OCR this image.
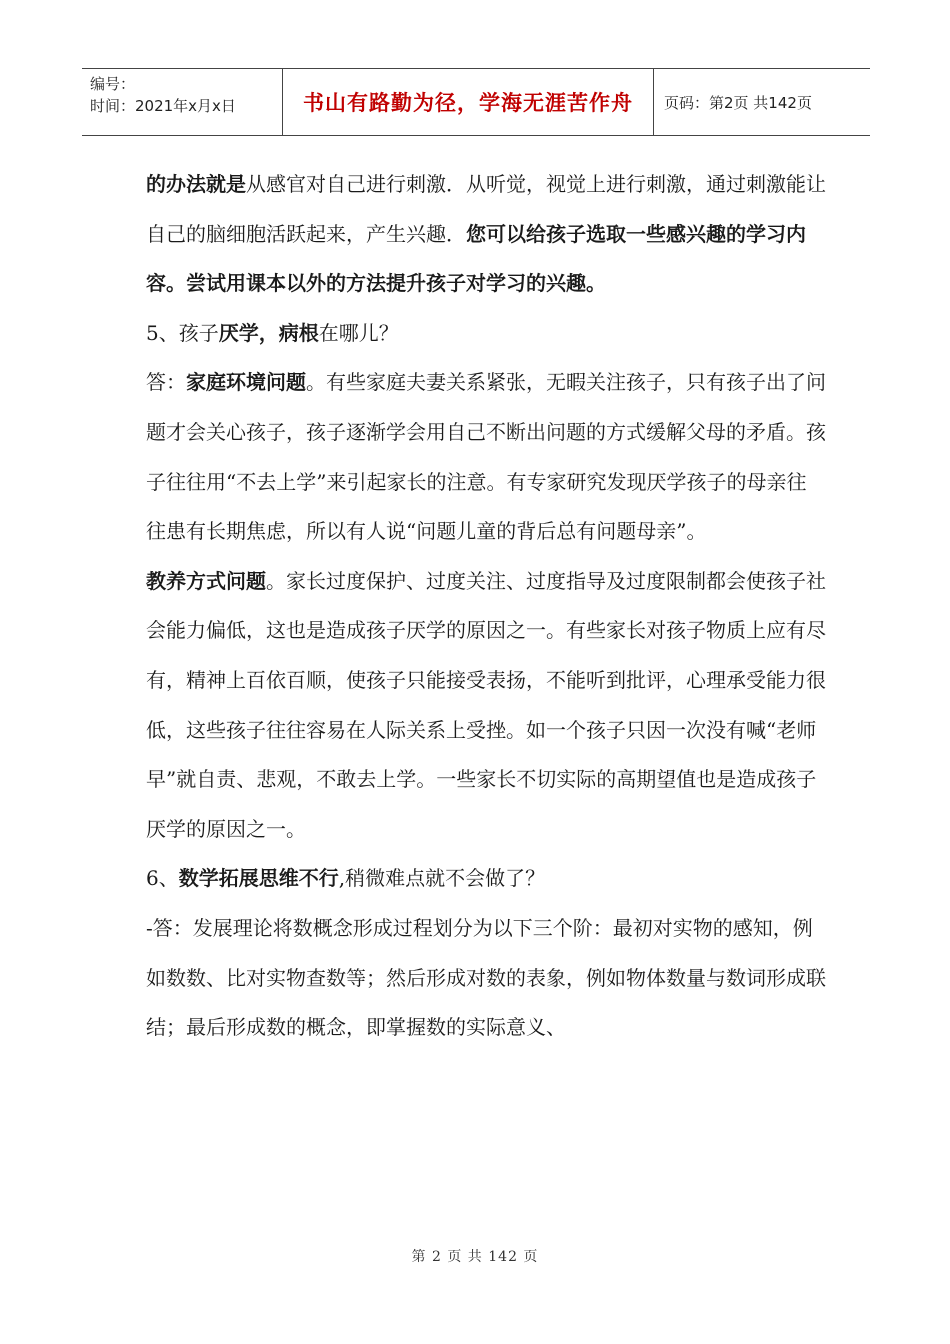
编号：
时间：2021年x月x日	书山有路勤为径，学海无涯苦作舟	页码：第2页 共142页

的办法就是从感官对自己进行刺激．从听觉，视觉上进行刺激，通过刺激能让自己的脑细胞活跃起来，产生兴趣．您可以给孩子选取一些感兴趣的学习内容。尝试用课本以外的方法提升孩子对学习的兴趣。

5、孩子厌学，病根在哪儿？

答：家庭环境问题。有些家庭夫妻关系紧张，无暇关注孩子，只有孩子出了问题才会关心孩子，孩子逐渐学会用自己不断出问题的方式缓解父母的矛盾。孩子往往用“不去上学”来引起家长的注意。有专家研究发现厌学孩子的母亲往往患有长期焦虑，所以有人说“问题儿童的背后总有问题母亲”。

教养方式问题。家长过度保护、过度关注、过度指导及过度限制都会使孩子社会能力偏低，这也是造成孩子厌学的原因之一。有些家长对孩子物质上应有尽有，精神上百依百顺，使孩子只能接受表扬，不能听到批评，心理承受能力很低，这些孩子往往容易在人际关系上受挫。如一个孩子只因一次没有喊“老师早”就自责、悲观，不敢去上学。一些家长不切实际的高期望值也是造成孩子厌学的原因之一。

6、数学拓展思维不行,稍微难点就不会做了？

-答：发展理论将数概念形成过程划分为以下三个阶：最初对实物的感知，例如数数、比对实物查数等；然后形成对数的表象，例如物体数量与数词形成联结；最后形成数的概念，即掌握数的实际意义、

第 2 页 共 142 页
